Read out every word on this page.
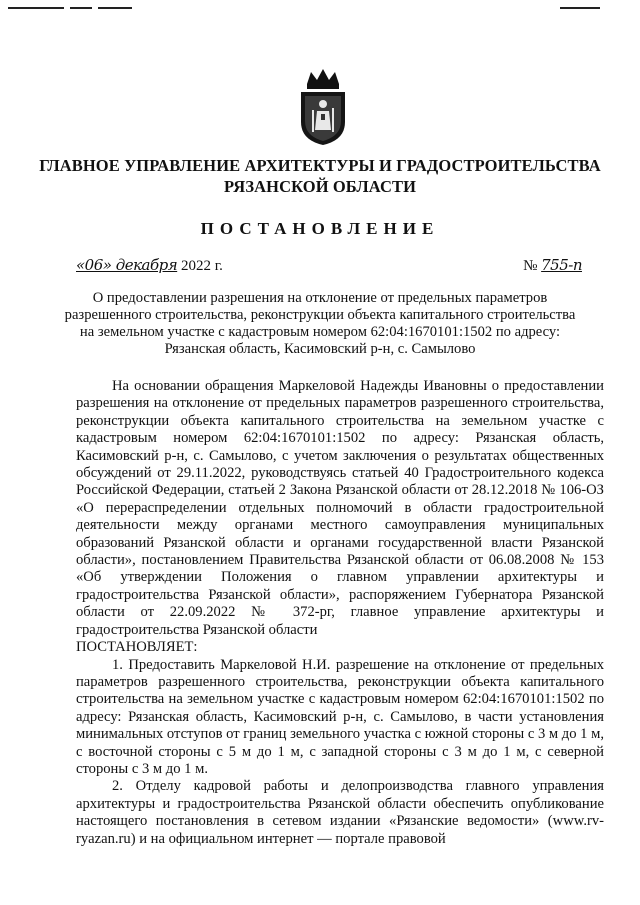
ГЛАВНОЕ УПРАВЛЕНИЕ АРХИТЕКТУРЫ И ГРАДОСТРОИТЕЛЬСТВА
РЯЗАНСКОЙ ОБЛАСТИ
ПОСТАНОВЛЕНИЕ
«06» декабря 2022 г.	№ 755-п
О предоставлении разрешения на отклонение от предельных параметров
разрешенного строительства, реконструкции объекта капитального строительства
на земельном участке с кадастровым номером 62:04:1670101:1502 по адресу:
Рязанская область, Касимовский р-н, с. Самылово

На основании обращения Маркеловой Надежды Ивановны о предоставлении разрешения на отклонение от предельных параметров разрешенного строительства, реконструкции объекта капитального строительства на земельном участке с кадастровым номером 62:04:1670101:1502 по адресу: Рязанская область, Касимовский р-н, с. Самылово, с учетом заключения о результатах общественных обсуждений от 29.11.2022, руководствуясь статьей 40 Градостроительного кодекса Российской Федерации, статьей 2 Закона Рязанской области от 28.12.2018 № 106-ОЗ «О перераспределении отдельных полномочий в области градостроительной деятельности между органами местного самоуправления муниципальных образований Рязанской области и органами государственной власти Рязанской области», постановлением Правительства Рязанской области от 06.08.2008 № 153 «Об утверждении Положения о главном управлении архитектуры и градостроительства Рязанской области», распоряжением Губернатора Рязанской области от 22.09.2022 № 372-рг, главное управление архитектуры и градостроительства Рязанской области

ПОСТАНОВЛЯЕТ:

1. Предоставить Маркеловой Н.И. разрешение на отклонение от предельных параметров разрешенного строительства, реконструкции объекта капитального строительства на земельном участке с кадастровым номером 62:04:1670101:1502 по адресу: Рязанская область, Касимовский р-н, с. Самылово, в части установления минимальных отступов от границ земельного участка с южной стороны с 3 м до 1 м, с восточной стороны с 5 м до 1 м, с западной стороны с 3 м до 1 м, с северной стороны с 3 м до 1 м.

2. Отделу кадровой работы и делопроизводства главного управления архитектуры и градостроительства Рязанской области обеспечить опубликование настоящего постановления в сетевом издании «Рязанские ведомости» (www.rv-ryazan.ru) и на официальном интернет — портале правовой
